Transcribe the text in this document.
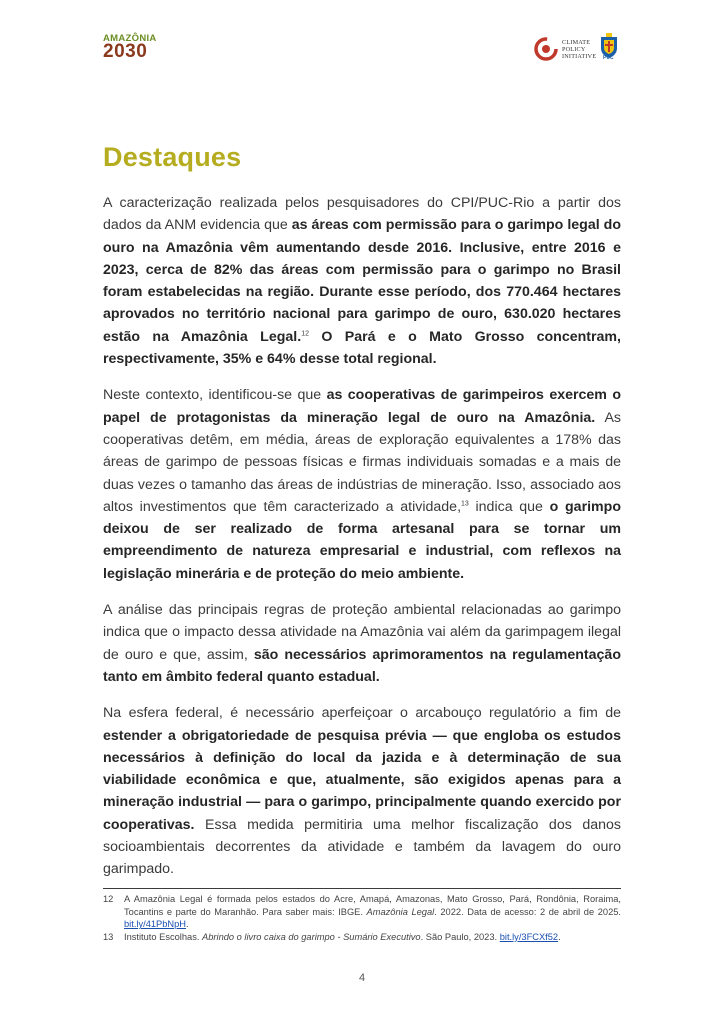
AMAZÔNIA
2030	CLIMATE
POLICY
INITIATIVE PUC
Destaques

A caracterização realizada pelos pesquisadores do CPI/PUC-Rio a partir dos dados da ANM evidencia que as áreas com permissão para o garimpo legal do ouro na Amazônia vêm aumentando desde 2016. Inclusive, entre 2016 e 2023, cerca de 82% das áreas com permissão para o garimpo no Brasil foram estabelecidas na região. Durante esse período, dos 770.464 hectares aprovados no território nacional para garimpo de ouro, 630.020 hectares estão na Amazônia Legal.$^{12}$ O Pará e o Mato Grosso concentram, respectivamente, 35% e 64% desse total regional.

Neste contexto, identificou-se que as cooperativas de garimpeiros exercem o papel de protagonistas da mineração legal de ouro na Amazônia. As cooperativas detêm, em média, áreas de exploração equivalentes a 178% das áreas de garimpo de pessoas físicas e firmas individuais somadas e a mais de duas vezes o tamanho das áreas de indústrias de mineração. Isso, associado aos altos investimentos que têm caracterizado a atividade,$^{13}$ indica que o garimpo deixou de ser realizado de forma artesanal para se tornar um empreendimento de natureza empresarial e industrial, com reflexos na legislação minerária e de proteção do meio ambiente.

A análise das principais regras de proteção ambiental relacionadas ao garimpo indica que o impacto dessa atividade na Amazônia vai além da garimpagem ilegal de ouro e que, assim, são necessários aprimoramentos na regulamentação tanto em âmbito federal quanto estadual.

Na esfera federal, é necessário aperfeiçoar o arcabouço regulatório a fim de estender a obrigatoriedade de pesquisa prévia — que engloba os estudos necessários à definição do local da jazida e à determinação de sua viabilidade econômica e que, atualmente, são exigidos apenas para a mineração industrial — para o garimpo, principalmente quando exercido por cooperativas. Essa medida permitiria uma melhor fiscalização dos danos socioambientais decorrentes da atividade e também da lavagem do ouro garimpado.

12	A Amazônia Legal é formada pelos estados do Acre, Amapá, Amazonas, Mato Grosso, Pará, Rondônia, Roraima, Tocantins e parte do Maranhão. Para saber mais: IBGE. Amazônia Legal. 2022. Data de acesso: 2 de abril de 2025. bit.ly/41PbNpH.
13	Instituto Escolhas. Abrindo o livro caixa do garimpo - Sumário Executivo. São Paulo, 2023. bit.ly/3FCXf52.
4
